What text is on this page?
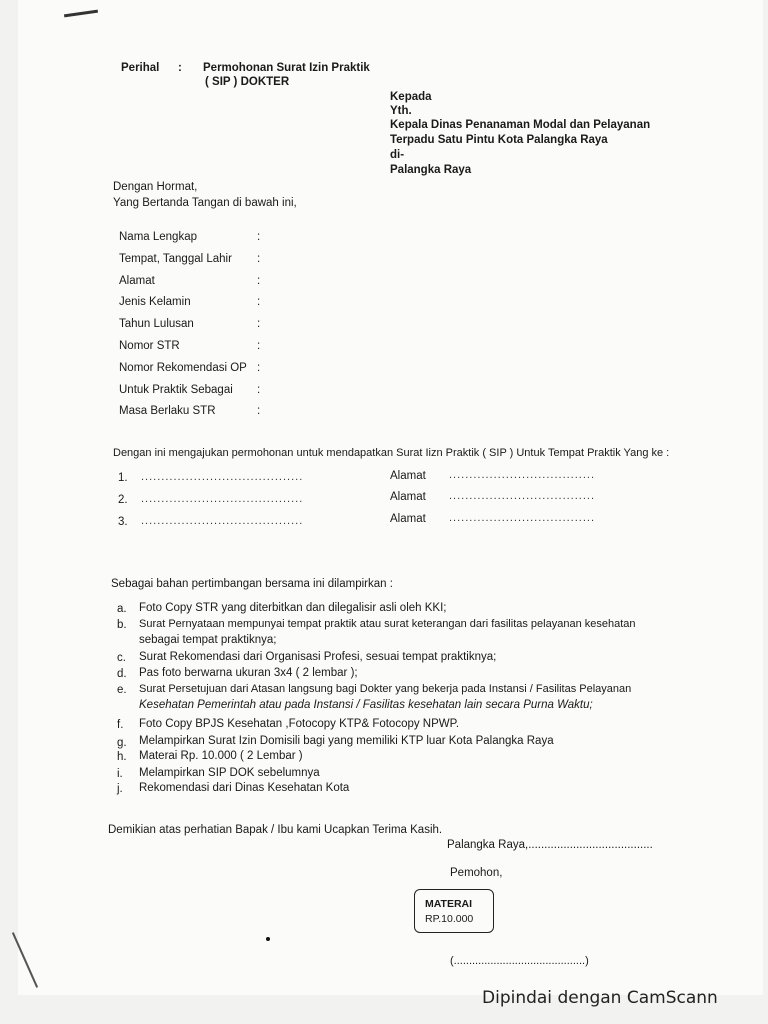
Perihal : Permohonan Surat Izin Praktik
( SIP ) DOKTER
Kepada
Yth.
Kepala Dinas Penanaman Modal dan Pelayanan
Terpadu Satu Pintu Kota Palangka Raya
di-
Palangka Raya
Dengan Hormat,
Yang Bertanda Tangan di bawah ini,
Nama Lengkap	:
Tempat, Tanggal Lahir :
Alamat	:
Jenis Kelamin	:
Tahun Lulusan	:
Nomor STR	:
Nomor Rekomendasi OP :
Untuk Praktik Sebagai :
Masa Berlaku STR	:
Dengan ini mengajukan permohonan untuk mendapatkan Surat Iizn Praktik ( SIP ) Untuk Tempat Praktik Yang ke :
1. ........................................	Alamat ....................................
2. ........................................	Alamat ....................................
3. ........................................	Alamat ....................................
Sebagai bahan pertimbangan bersama ini dilampirkan :
a. Foto Copy STR yang diterbitkan dan dilegalisir asli oleh KKI;
b. Surat Pernyataan mempunyai tempat praktik atau surat keterangan dari fasilitas pelayanan kesehatan
sebagai tempat praktiknya;
c. Surat Rekomendasi dari Organisasi Profesi, sesuai tempat praktiknya;
d. Pas foto berwarna ukuran 3x4 ( 2 lembar );
e. Surat Persetujuan dari Atasan langsung bagi Dokter yang bekerja pada Instansi / Fasilitas Pelayanan
Kesehatan Pemerintah atau pada Instansi / Fasilitas kesehatan lain secara Purna Waktu;
f. Foto Copy BPJS Kesehatan ,Fotocopy KTP& Fotocopy NPWP.
g. Melampirkan Surat Izin Domisili bagi yang memiliki KTP luar Kota Palangka Raya
h. Materai Rp. 10.000 ( 2 Lembar )
i. Melampirkan SIP DOK sebelumnya
j. Rekomendasi dari Dinas Kesehatan Kota
Demikian atas perhatian Bapak / Ibu kami Ucapkan Terima Kasih.
Palangka Raya,.......................................
Pemohon,
MATERAI
RP.10.000
(...........................................)
Dipindai dengan CamScann
